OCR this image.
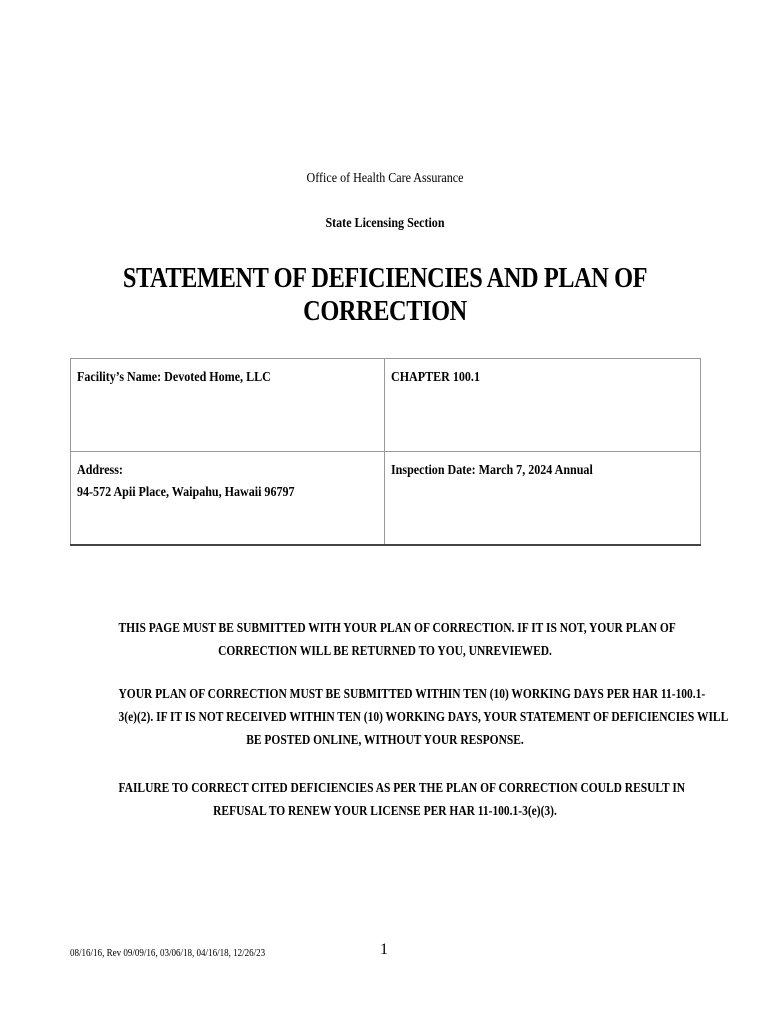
Office of Health Care Assurance
State Licensing Section
STATEMENT OF DEFICIENCIES AND PLAN OF CORRECTION
Facility’s Name: Devoted Home, LLC	CHAPTER 100.1
Address:
94-572 Apii Place, Waipahu, Hawaii 96797	Inspection Date: March 7, 2024 Annual
THIS PAGE MUST BE SUBMITTED WITH YOUR PLAN OF CORRECTION. IF IT IS NOT, YOUR PLAN OF
CORRECTION WILL BE RETURNED TO YOU, UNREVIEWED.
YOUR PLAN OF CORRECTION MUST BE SUBMITTED WITHIN TEN (10) WORKING DAYS PER HAR 11-100.1-
3(e)(2). IF IT IS NOT RECEIVED WITHIN TEN (10) WORKING DAYS, YOUR STATEMENT OF DEFICIENCIES WILL
BE POSTED ONLINE, WITHOUT YOUR RESPONSE.
FAILURE TO CORRECT CITED DEFICIENCIES AS PER THE PLAN OF CORRECTION COULD RESULT IN
REFUSAL TO RENEW YOUR LICENSE PER HAR 11-100.1-3(e)(3).
08/16/16, Rev 09/09/16, 03/06/18, 04/16/18, 12/26/23	1
